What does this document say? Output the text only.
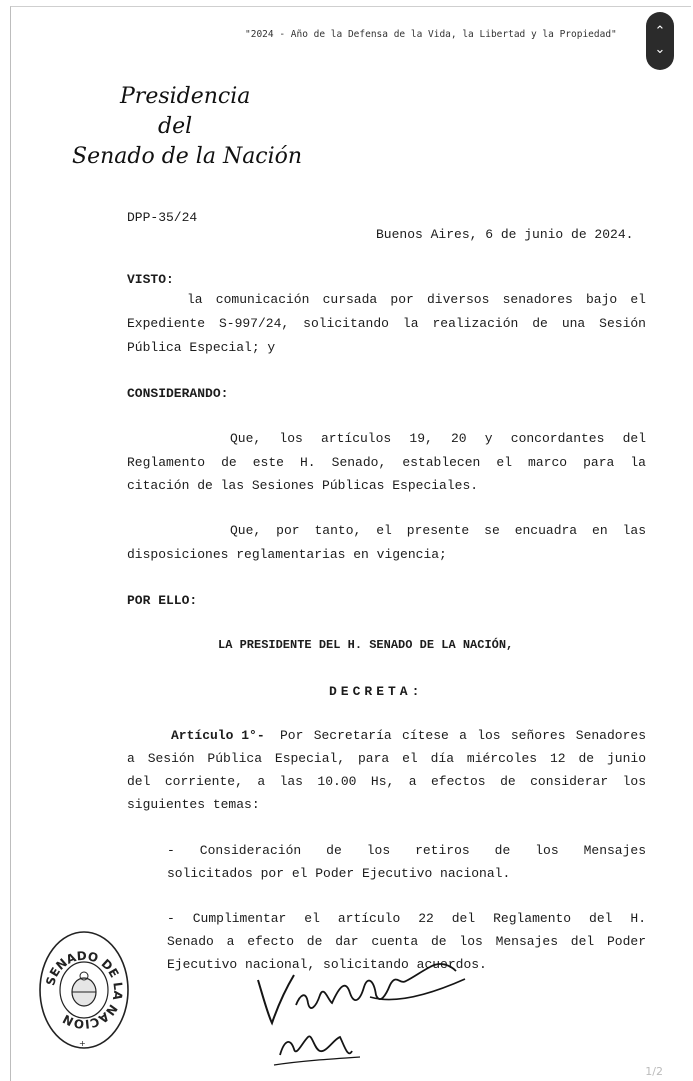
"2024 - Año de la Defensa de la Vida, la Libertad y la Propiedad"	⌃
⌄
Presidencia
del
Senado de la Nación
DPP-35/24
Buenos Aires, 6 de junio de 2024.
VISTO:
la comunicación cursada por diversos senadores bajo el
Expediente S-997/24, solicitando la realización de una Sesión
Pública Especial; y
CONSIDERANDO:
Que, los artículos 19, 20 y concordantes del
Reglamento de este H. Senado, establecen el marco para la
citación de las Sesiones Públicas Especiales.
Que, por tanto, el presente se encuadra en las
disposiciones reglamentarias en vigencia;
POR ELLO:
LA PRESIDENTE DEL H. SENADO DE LA NACIÓN,
DECRETA:
Artículo 1°- Por Secretaría cítese a los señores Senadores
a Sesión Pública Especial, para el día miércoles 12 de junio
del corriente, a las 10.00 Hs, a efectos de considerar los
siguientes temas:
- Consideración de los retiros de los Mensajes
solicitados por el Poder Ejecutivo nacional.
- Cumplimentar el artículo 22 del Reglamento del H.
Senado a efecto de dar cuenta de los Mensajes del Poder
Ejecutivo nacional, solicitando acuerdos.
SENADO DE LA NACION
+
1/2
